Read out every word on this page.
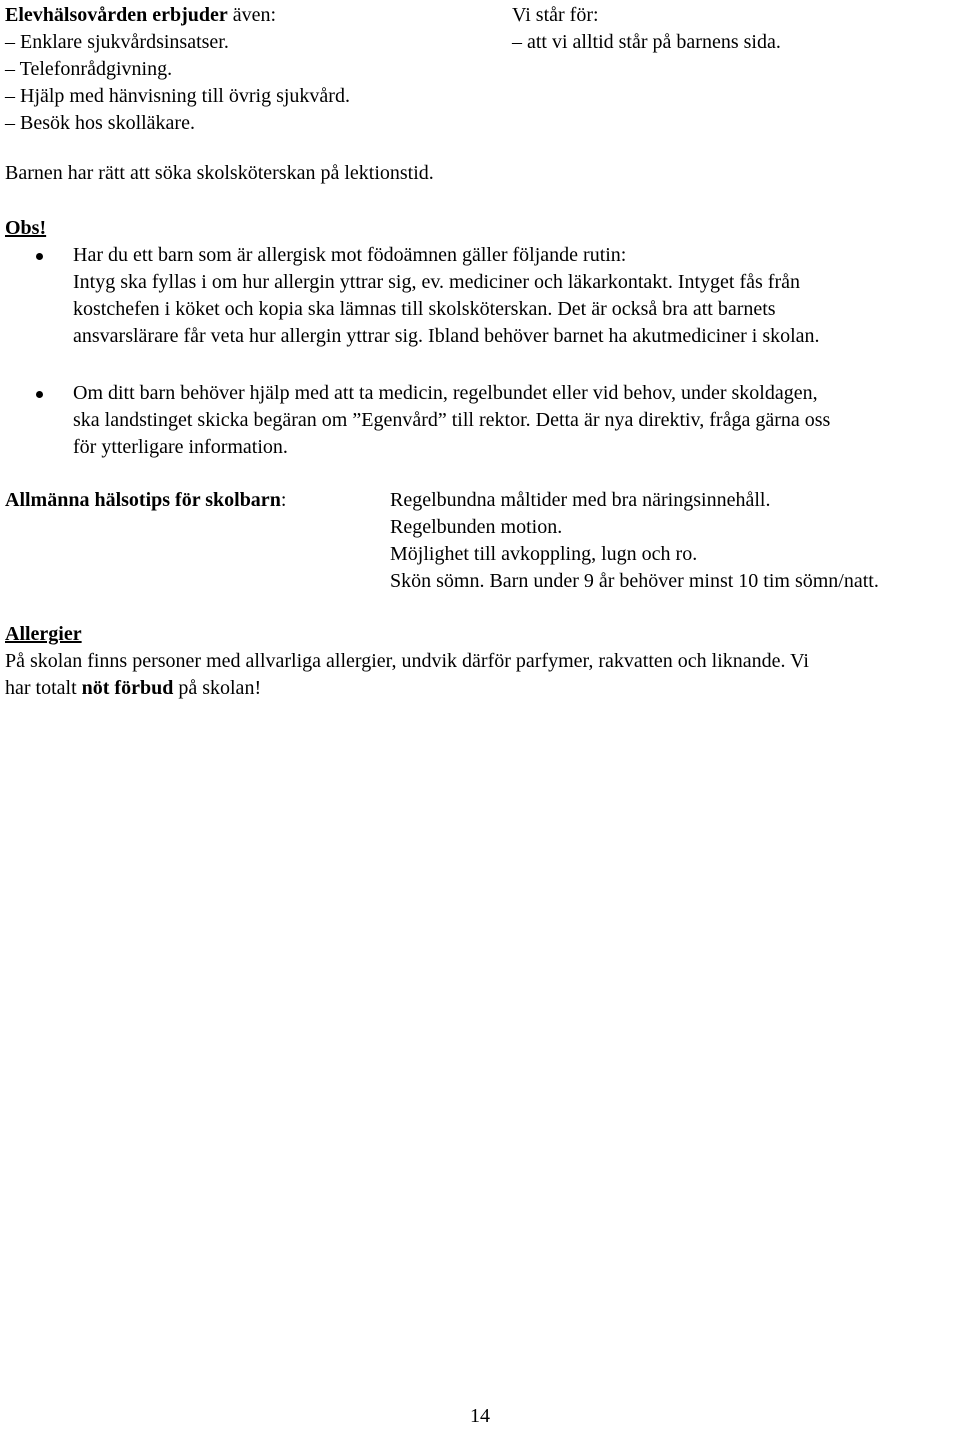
Elevhälsovården erbjuder även:
– Enklare sjukvårdsinsatser.
– Telefonrådgivning.
– Hjälp med hänvisning till övrig sjukvård.
– Besök hos skolläkare.
Vi står för:
– att vi alltid står på barnens sida.
Barnen har rätt att söka skolsköterskan på lektionstid.
Obs!
Har du ett barn som är allergisk mot födoämnen gäller följande rutin:
Intyg ska fyllas i om hur allergin yttrar sig, ev. mediciner och läkarkontakt. Intyget fås från
kostchefen i köket och kopia ska lämnas till skolsköterskan. Det är också bra att barnets
ansvarslärare får veta hur allergin yttrar sig. Ibland behöver barnet ha akutmediciner i skolan.
Om ditt barn behöver hjälp med att ta medicin, regelbundet eller vid behov, under skoldagen,
ska landstinget skicka begäran om ”Egenvård” till rektor. Detta är nya direktiv, fråga gärna oss
för ytterligare information.
Allmänna hälsotips för skolbarn:	Regelbundna måltider med bra näringsinnehåll.
Regelbunden motion.
Möjlighet till avkoppling, lugn och ro.
Skön sömn. Barn under 9 år behöver minst 10 tim sömn/natt.
Allergier
På skolan finns personer med allvarliga allergier, undvik därför parfymer, rakvatten och liknande. Vi
har totalt nöt förbud på skolan!
14
